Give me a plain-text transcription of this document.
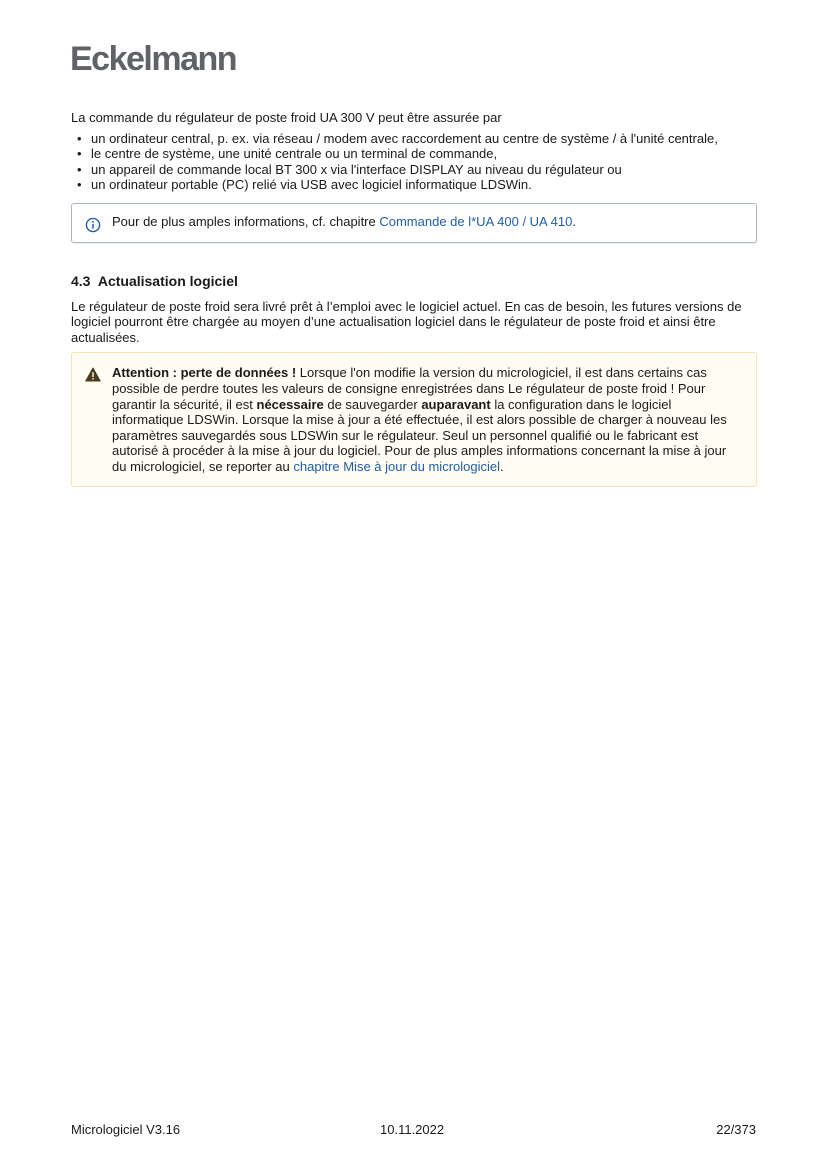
Eckelmann

La commande du régulateur de poste froid UA 300 V peut être assurée par

• un ordinateur central, p. ex. via réseau / modem avec raccordement au centre de système / à l'unité centrale,
• le centre de système, une unité centrale ou un terminal de commande,
• un appareil de commande local BT 300 x via l'interface DISPLAY au niveau du régulateur ou
• un ordinateur portable (PC) relié via USB avec logiciel informatique LDSWin.
Pour de plus amples informations, cf. chapitre Commande de l*UA 400 / UA 410.
4.3 Actualisation logiciel

Le régulateur de poste froid sera livré prêt à l’emploi avec le logiciel actuel. En cas de besoin, les futures versions de logiciel pourront être chargée au moyen d’une actualisation logiciel dans le régulateur de poste froid et ainsi être actualisées.

Attention : perte de données ! Lorsque l'on modifie la version du micrologiciel, il est dans certains cas possible de perdre toutes les valeurs de consigne enregistrées dans Le régulateur de poste froid ! Pour garantir la sécurité, il est nécessaire de sauvegarder auparavant la configuration dans le logiciel informatique LDSWin. Lorsque la mise à jour a été effectuée, il est alors possible de charger à nouveau les paramètres sauvegardés sous LDSWin sur le régulateur. Seul un personnel qualifié ou le fabricant est autorisé à procéder à la mise à jour du logiciel. Pour de plus amples informations concernant la mise à jour du micrologiciel, se reporter au chapitre Mise à jour du micrologiciel.
Micrologiciel V3.16	10.11.2022	22/373
